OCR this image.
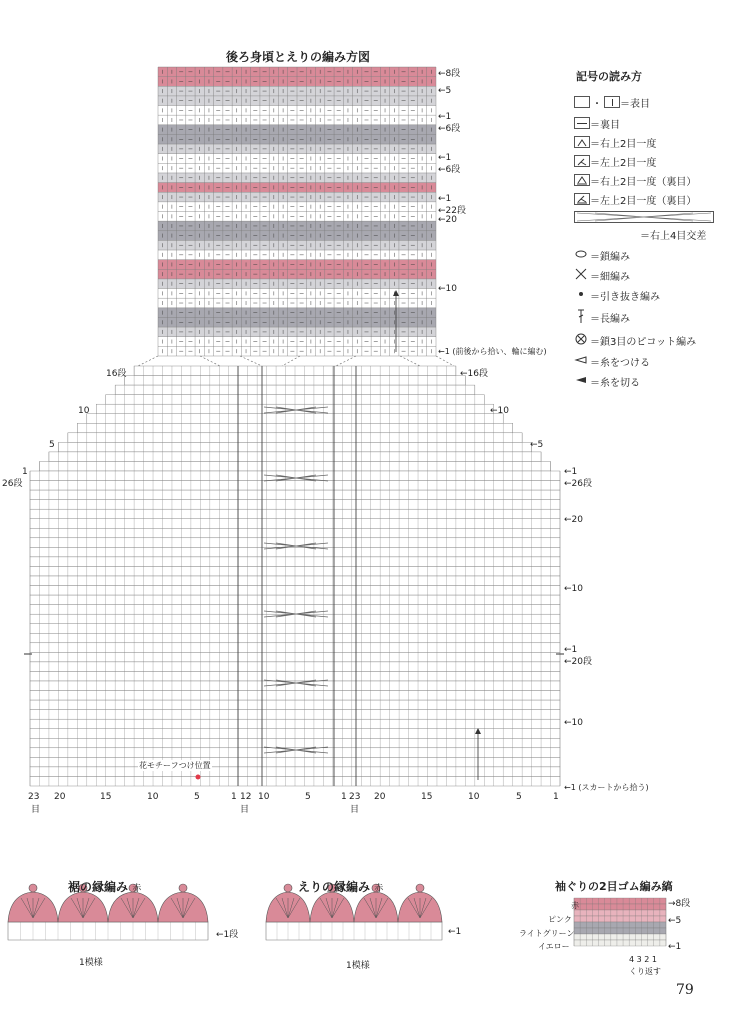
後ろ身頃とえりの編み方図
←8段
←5
←1
←6段
←1
←6段
←1
←22段
←20
←10
←1 (前後から拾い、輪に編む)
16段	←16段
10	←10
5	←5
1
26段
←1
←26段
←20
←10
←1
←20段
←10
←1 (スカートから拾う)
花モチーフつけ位置
23 20	15	10	5	1 12 10	5	1 23 20	15	10	5	1
目	目	目
記号の読み方
・ ＝表目
＝裏目
＝右上2目一度
＝左上2目一度
＝右上2目一度（裏目）
＝左上2目一度（裏目）
＝右上4目交差
＝鎖編み
＝細編み
＝引き抜き編み
＝長編み
＝鎖3目のピコット編み
＝糸をつける
＝糸を切る
裾の縁編み 赤
←1段
1模様
えりの縁編み 赤
←1
1模様
袖ぐりの2目ゴム編み縞
赤
ピンク
ライトグリーン
イエロー
→8段
←5
←1
4 3 2 1
くり返す
79
